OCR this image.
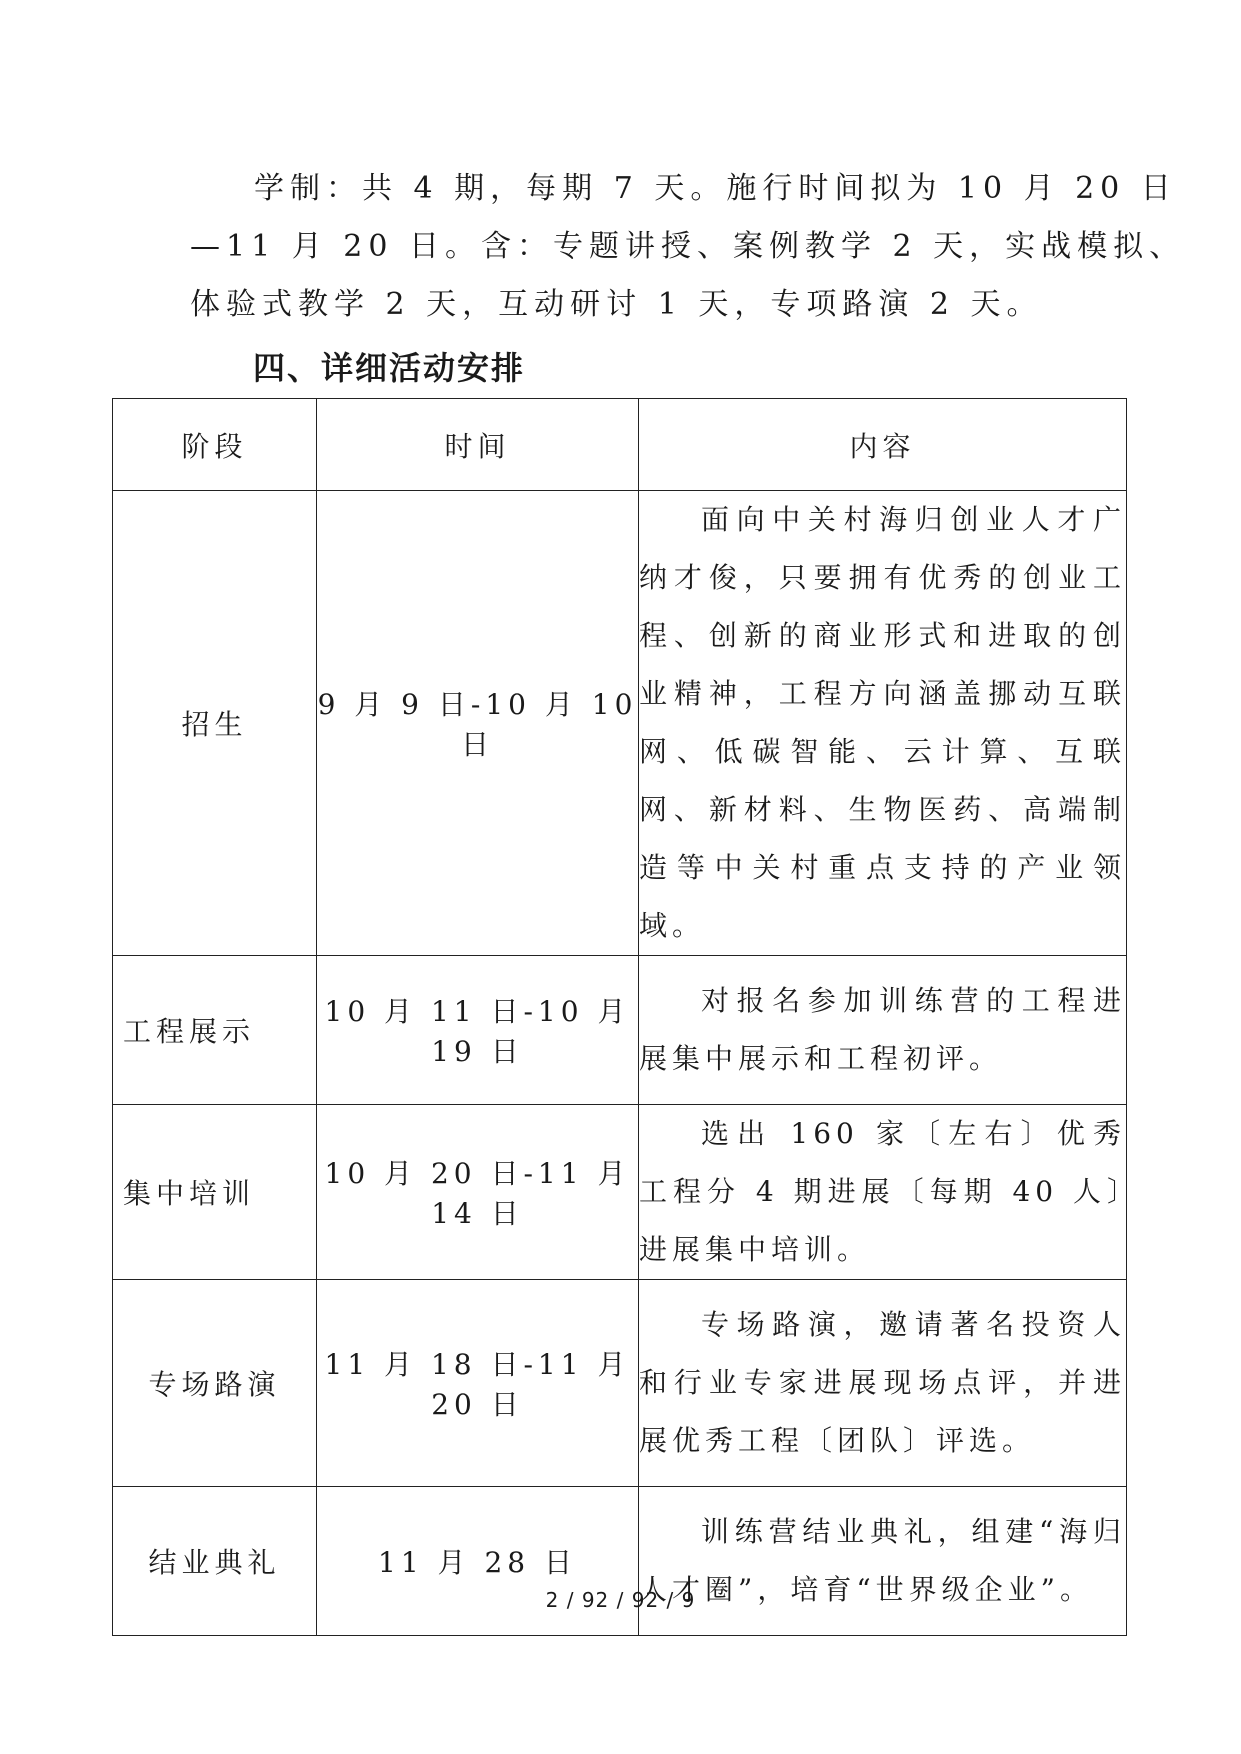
学制：共 4 期，每期 7 天。施行时间拟为 10 月 20 日

—11 月 20 日。含：专题讲授、案例教学 2 天，实战模拟、

体验式教学 2 天，互动研讨 1 天，专项路演 2 天。

四、详细活动安排
阶段	时间	内容
招生	9 月 9 日-10 月 10 日	面向中关村海归创业人才广纳才俊，只要拥有优秀的创业工程、创新的商业形式和进取的创业精神，工程方向涵盖挪动互联网、低碳智能、云计算、互联网、新材料、生物医药、高端制造等中关村重点支持的产业领域。

工程展示	10 月 11 日-10 月 19 日	对报名参加训练营的工程进展集中展示和工程初评。

集中培训	10 月 20 日-11 月 14 日	选出 160 家〔左右〕优秀工程分 4 期进展〔每期 40 人〕进展集中培训。

专场路演	11 月 18 日-11 月 20 日	专场路演，邀请著名投资人和行业专家进展现场点评，并进展优秀工程〔团队〕评选。

结业典礼	11 月 28 日	训练营结业典礼，组建“海归人才圈”，培育“世界级企业”。
2 / 92 / 92 / 9
